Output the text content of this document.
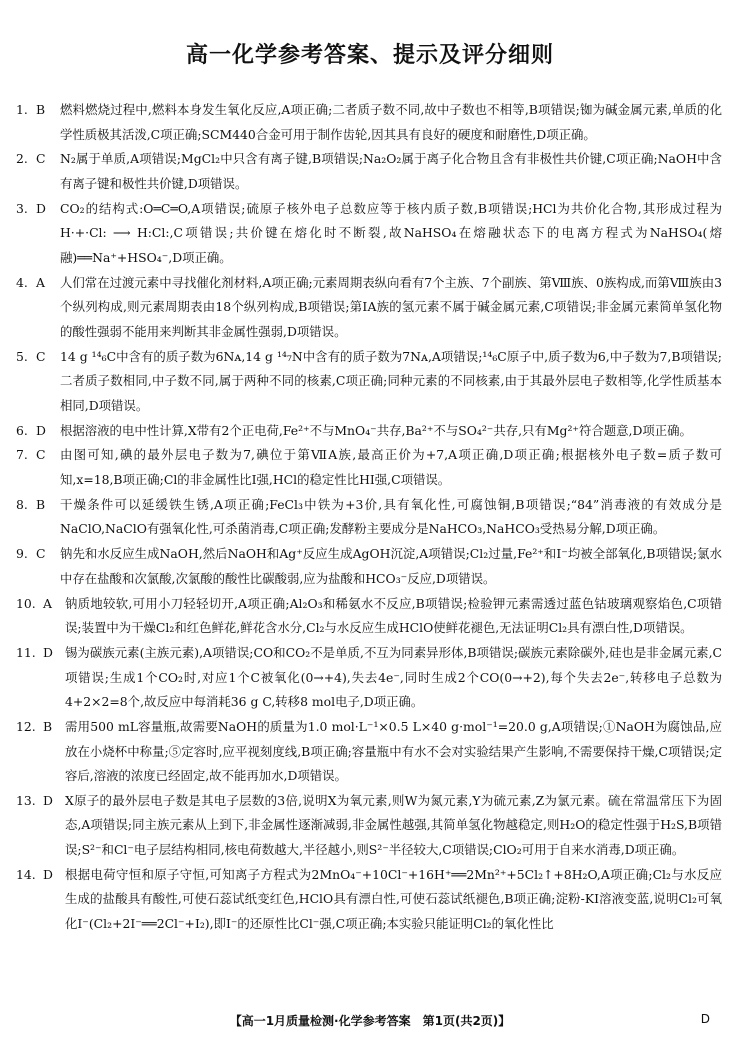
高一化学参考答案、提示及评分细则
1. B	燃料燃烧过程中,燃料本身发生氧化反应,A项正确;二者质子数不同,故中子数也不相等,B项错误;铷为碱金属元素,单质的化学性质极其活泼,C项正确;SCM440合金可用于制作齿轮,因其具有良好的硬度和耐磨性,D项正确。
2. C	N₂属于单质,A项错误;MgCl₂中只含有离子键,B项错误;Na₂O₂属于离子化合物且含有非极性共价键,C项正确;NaOH中含有离子键和极性共价键,D项错误。
3. D	CO₂的结构式:O═C═O,A项错误;硫原子核外电子总数应等于核内质子数,B项错误;HCl为共价化合物,其形成过程为 H·+·Cl: ⟶ H:Cl:,C项错误;共价键在熔化时不断裂,故NaHSO₄在熔融状态下的电离方程式为NaHSO₄(熔融)══Na⁺+HSO₄⁻,D项正确。
4. A	人们常在过渡元素中寻找催化剂材料,A项正确;元素周期表纵向看有7个主族、7个副族、第Ⅷ族、0族构成,而第Ⅷ族由3个纵列构成,则元素周期表由18个纵列构成,B项错误;第ⅠA族的氢元素不属于碱金属元素,C项错误;非金属元素简单氢化物的酸性强弱不能用来判断其非金属性强弱,D项错误。
5. C	14 g ¹⁴₆C中含有的质子数为6Nᴀ,14 g ¹⁴₇N中含有的质子数为7Nᴀ,A项错误;¹⁴₆C原子中,质子数为6,中子数为7,B项错误;二者质子数相同,中子数不同,属于两种不同的核素,C项正确;同种元素的不同核素,由于其最外层电子数相等,化学性质基本相同,D项错误。
6. D	根据溶液的电中性计算,X带有2个正电荷,Fe²⁺不与MnO₄⁻共存,Ba²⁺不与SO₄²⁻共存,只有Mg²⁺符合题意,D项正确。
7. C	由图可知,碘的最外层电子数为7,碘位于第ⅦA族,最高正价为+7,A项正确,D项正确;根据核外电子数=质子数可知,x=18,B项正确;Cl的非金属性比I强,HCl的稳定性比HI强,C项错误。
8. B	干燥条件可以延缓铁生锈,A项正确;FeCl₃中铁为+3价,具有氧化性,可腐蚀铜,B项错误;“84”消毒液的有效成分是NaClO,NaClO有强氧化性,可杀菌消毒,C项正确;发酵粉主要成分是NaHCO₃,NaHCO₃受热易分解,D项正确。
9. C	钠先和水反应生成NaOH,然后NaOH和Ag⁺反应生成AgOH沉淀,A项错误;Cl₂过量,Fe²⁺和I⁻均被全部氧化,B项错误;氯水中存在盐酸和次氯酸,次氯酸的酸性比碳酸弱,应为盐酸和HCO₃⁻反应,D项错误。
10. A	钠质地较软,可用小刀轻轻切开,A项正确;Al₂O₃和稀氨水不反应,B项错误;检验钾元素需透过蓝色钴玻璃观察焰色,C项错误;装置中为干燥Cl₂和红色鲜花,鲜花含水分,Cl₂与水反应生成HClO使鲜花褪色,无法证明Cl₂具有漂白性,D项错误。
11. D 锡为碳族元素(主族元素),A项错误;CO和CO₂不是单质,不互为同素异形体,B项错误;碳族元素除碳外,硅也是非金属元素,C项错误;生成1个CO₂时,对应1个C被氧化(0→+4),失去4e⁻,同时生成2个CO(0→+2),每个失去2e⁻,转移电子总数为4+2×2=8个,故反应中每消耗36 g C,转移8 mol电子,D项正确。
12. B	需用500 mL容量瓶,故需要NaOH的质量为1.0 mol·L⁻¹×0.5 L×40 g·mol⁻¹=20.0 g,A项错误;①NaOH为腐蚀品,应放在小烧杯中称量;⑤定容时,应平视刻度线,B项正确;容量瓶中有水不会对实验结果产生影响,不需要保持干燥,C项错误;定容后,溶液的浓度已经固定,故不能再加水,D项错误。
13. D X原子的最外层电子数是其电子层数的3倍,说明X为氧元素,则W为氮元素,Y为硫元素,Z为氯元素。硫在常温常压下为固态,A项错误;同主族元素从上到下,非金属性逐渐减弱,非金属性越强,其简单氢化物越稳定,则H₂O的稳定性强于H₂S,B项错误;S²⁻和Cl⁻电子层结构相同,核电荷数越大,半径越小,则S²⁻半径较大,C项错误;ClO₂可用于自来水消毒,D项正确。
14. D 根据电荷守恒和原子守恒,可知离子方程式为2MnO₄⁻+10Cl⁻+16H⁺══2Mn²⁺+5Cl₂↑+8H₂O,A项正确;Cl₂与水反应生成的盐酸具有酸性,可使石蕊试纸变红色,HClO具有漂白性,可使石蕊试纸褪色,B项正确;淀粉-KI溶液变蓝,说明Cl₂可氧化I⁻(Cl₂+2I⁻══2Cl⁻+I₂),即I⁻的还原性比Cl⁻强,C项正确;本实验只能证明Cl₂的氧化性比
【高一1月质量检测·化学参考答案　第1页(共2页)】	D
